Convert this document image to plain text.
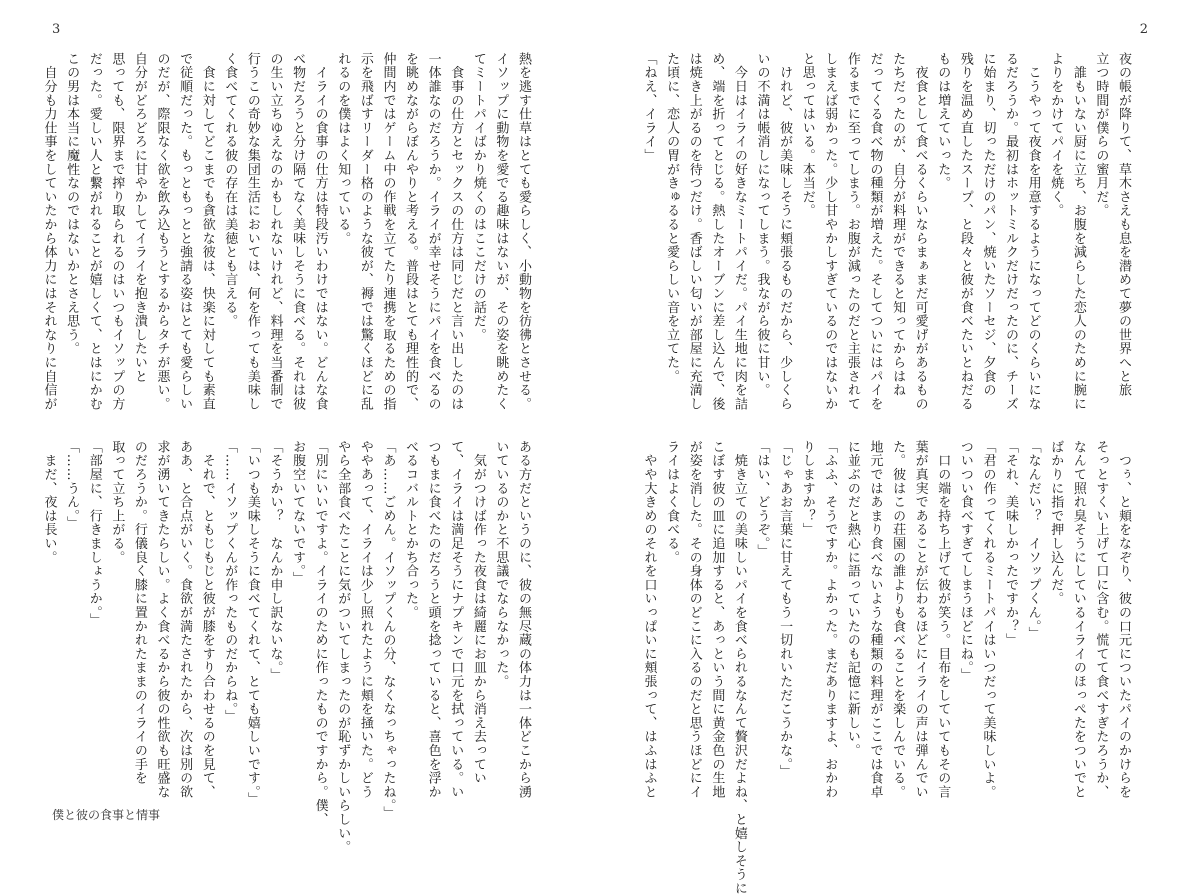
3
熱を逃す仕草はとても愛らしく、小動物を彷彿とさせる。
イソップに動物を愛でる趣味はないが、その姿を眺めたく
てミートパイばかり焼くのはここだけの話だ。
　食事の仕方とセックスの仕方は同じだと言い出したのは
一体誰なのだろうか。イライが幸せそうにパイを食べるの
を眺めながらぼんやりと考える。普段はとても理性的で、
仲間内ではゲーム中の作戦を立てたり連携を取るための指
示を飛ばすリーダー格のような彼が、褥では驚くほどに乱
れるのを僕はよく知っている。
　イライの食事の仕方は特段汚いわけではない。どんな食
べ物だろうと分け隔てなく美味しそうに食べる。それは彼
の生い立ちゆえなのかもしれないけれど、料理を当番制で
行うこの奇妙な集団生活においては、何を作っても美味し
く食べてくれる彼の存在は美徳とも言える。
　食に対してどこまでも貪欲な彼は、快楽に対しても素直
で従順だった。もっともっとと強請る姿はとても愛らしい
のだが、際限なく欲を飲み込もうとするからタチが悪い。
自分がどろどろに甘やかしてイライを抱き潰したいと
思っても、限界まで搾り取られるのはいつもイソップの方
だった。愛しい人と繋がれることが嬉しくて、とはにかむ
この男は本当に魔性なのではないかとさえ思う。
　自分も力仕事をしていたから体力にはそれなりに自信が
ある方だというのに、彼の無尽蔵の体力は一体どこから湧
いているのかと不思議でならなかった。
　気がつけば作った夜食は綺麗にお皿から消え去ってい
て、イライは満足そうにナプキンで口元を拭っている。い
つもまに食べたのだろうと頭を捻っていると、喜色を浮か
べるコバルトとかち合った。
「あ……ごめん。イソップくんの分、なくなっちゃったね。」
ややあって、イライは少し照れたように頬を掻いた。どう
やら全部食べたことに気がついてしまったのが恥ずかしいらしい。
「別にいいですよ。イライのために作ったものですから。僕、
お腹空いてないです。」
「そうかい？　なんか申し訳ないな。」
「いつも美味しそうに食べてくれて、とても嬉しいです。」
「……イソップくんが作ったものだからね。」
　それで、ともじもじと彼が膝をすり合わせるのを見て、
ああ、と合点がいく。食欲が満たされたから、次は別の欲
求が湧いてきたらしい。よく食べるから彼の性欲も旺盛な
のだろうか。行儀良く膝に置かれたままのイライの手を
取って立ち上がる。
「部屋に、行きましょうか。」
「……うん。」
　まだ、夜は長い。
僕と彼の食事と情事
2
夜の帳が降りて、草木さえも息を潜めて夢の世界へと旅
立つ時間が僕らの蜜月だ。
　誰もいない厨に立ち、お腹を減らした恋人のために腕に
よりをかけてパイを焼く。
　こうやって夜食を用意するようになってどのくらいにな
るだろうか。最初はホットミルクだけだったのに、チーズ
に始まり、切っただけのパン、焼いたソーセジ、夕食の
残りを温め直したスープ、と段々と彼が食べたいとねだる
ものは増えていった。
　夜食として食べるくらいならまぁまだ可愛げがあるもの
たちだったのが、自分が料理ができると知ってからはね
だってくる食べ物の種類が増えた。そしてついにはパイを
作るまでに至ってしまう。お腹が減ったのだと主張されて
しまえば弱かった。少し甘やかしすぎているのではないか
と思ってはいる。本当だ。
　けれど、彼が美味しそうに頬張るものだから、少しくら
いの不満は帳消しになってしまう。我ながら彼に甘い。
　今日はイライの好きなミートパイだ。パイ生地に肉を詰
め、端を折ってとじる。熱したオーブンに差し込んで、後
は焼き上がるのを待つだけ。香ばしい匂いが部屋に充満し
た頃に、恋人の胃がきゅるると愛らしい音を立てた。
「ねえ、イライ」
　つぅ、と頬をなぞり、彼の口元についたパイのかけらを
そっとすくい上げて口に含む。慌てて食べすぎたろうか、
なんて照れ臭そうにしているイライのほっぺたをついでと
ばかりに指で押し込んだ。
「なんだい？　イソップくん。」
「それ、美味しかったですか？」
「君の作ってくれるミートパイはいつだって美味しいよ。
ついつい食べすぎてしまうほどにね。」
　口の端を持ち上げて彼が笑う。目布をしていてもその言
葉が真実であることが伝わるほどにイライの声は弾んでい
た。彼はこの荘園の誰よりも食べることを楽しんでいる。
地元ではあまり食べないような種類の料理がここでは食卓
に並ぶのだと熱心に語っていたのも記憶に新しい。
「ふふ、そうですか。よかった。まだありますよ、おかわ
りしますか？」
「じゃあお言葉に甘えてもう一切れいただこうかな。」
「はい、どうぞ。」
　焼き立ての美味しいパイを食べられるなんて贅沢だよね、と嬉しそうに
こぼす彼の皿に追加すると、あっという間に黄金色の生地
が姿を消した。その身体のどこに入るのだと思うほどにイ
ライはよく食べる。
　やや大きめのそれを口いっぱいに頬張って、はふはふと
